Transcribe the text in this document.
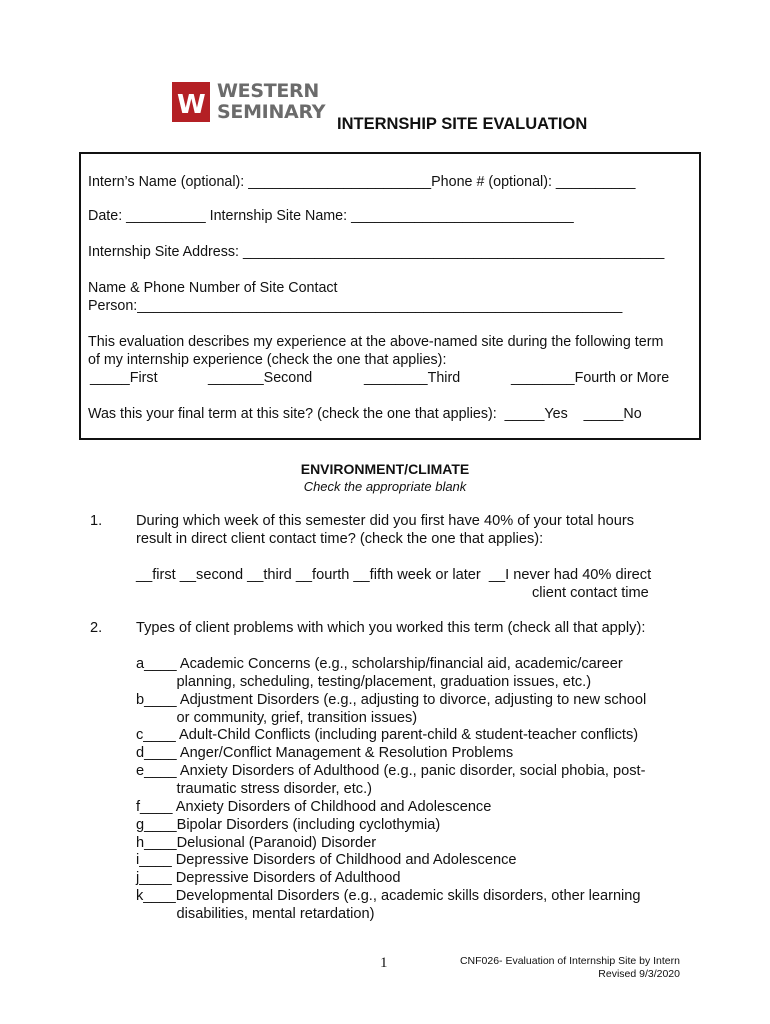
W WESTERN
SEMINARY
INTERNSHIP SITE EVALUATION
Intern’s Name (optional): _______________________Phone # (optional): __________
Date: __________ Internship Site Name: ____________________________
Internship Site Address: _____________________________________________________
Name & Phone Number of Site Contact
Person:_____________________________________________________________
This evaluation describes my experience at the above-named site during the following term
of my internship experience (check the one that applies):
_____First	_______Second	________Third	________Fourth or More
Was this your final term at this site? (check the one that applies):  _____Yes    _____No
ENVIRONMENT/CLIMATE
Check the appropriate blank
1. During which week of this semester did you first have 40% of your total hours
result in direct client contact time? (check the one that applies):
__first __second __third __fourth __fifth week or later  __I never had 40% direct
client contact time
2. Types of client problems with which you worked this term (check all that apply):
a____ Academic Concerns (e.g., scholarship/financial aid, academic/career
planning, scheduling, testing/placement, graduation issues, etc.)
b____ Adjustment Disorders (e.g., adjusting to divorce, adjusting to new school
or community, grief, transition issues)
c____ Adult-Child Conflicts (including parent-child & student-teacher conflicts)
d____ Anger/Conflict Management & Resolution Problems
e____ Anxiety Disorders of Adulthood (e.g., panic disorder, social phobia, post-
traumatic stress disorder, etc.)
f____ Anxiety Disorders of Childhood and Adolescence
g____Bipolar Disorders (including cyclothymia)
h____Delusional (Paranoid) Disorder
i____ Depressive Disorders of Childhood and Adolescence
j____ Depressive Disorders of Adulthood
k____Developmental Disorders (e.g., academic skills disorders, other learning
disabilities, mental retardation)
1	CNF026- Evaluation of Internship Site by Intern
Revised 9/3/2020
